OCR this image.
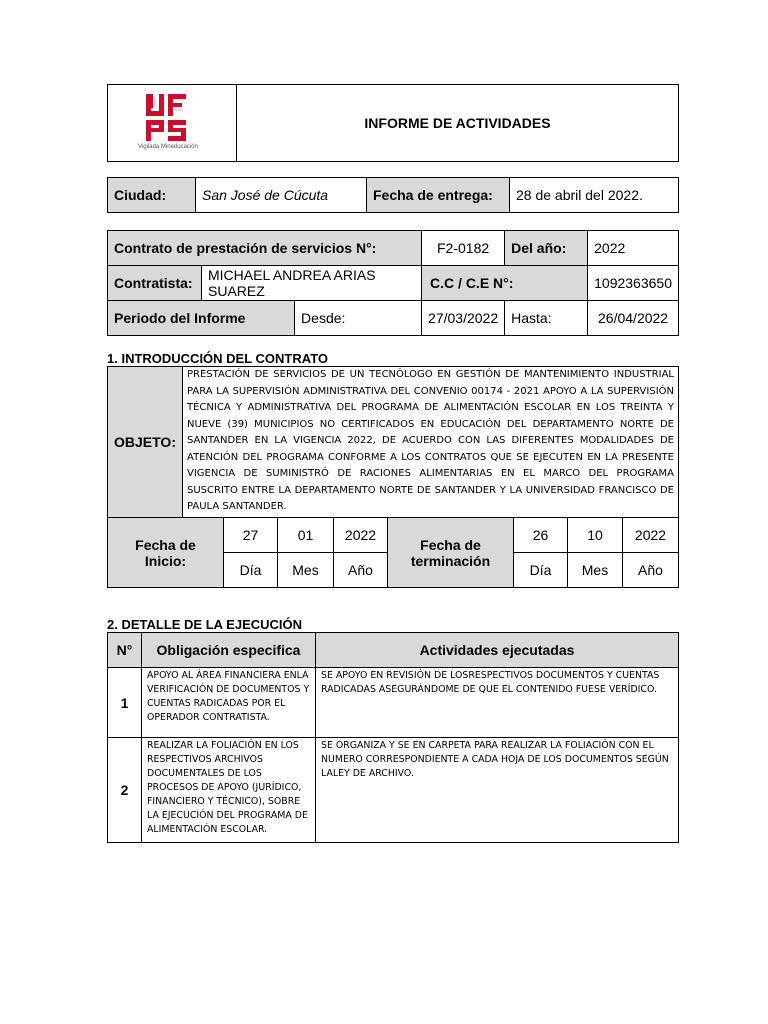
Vigilada Mineducación
	INFORME DE ACTIVIDADES
Ciudad:	San José de Cúcuta	Fecha de entrega:	28 de abril del 2022.
Contrato de prestación de servicios N°:			F2-0182	Del año:	2022
Contratista:	MICHAEL ANDREA ARIAS SUAREZ		C.C / C.E N°:		1092363650
Periodo del Informe		Desde:	27/03/2022	Hasta:	26/04/2022
1. INTRODUCCIÓN DEL CONTRATO
OBJETO:	PRESTACIÓN DE SERVICIOS DE UN TECNÓLOGO EN GESTIÓN DE MANTENIMIENTO INDUSTRIAL PARA LA SUPERVISIÓN ADMINISTRATIVA DEL CONVENIO 00174 - 2021 APOYO A LA SUPERVISIÓN TÉCNICA Y ADMINISTRATIVA DEL PROGRAMA DE ALIMENTACIÓN ESCOLAR EN LOS TREINTA Y NUEVE (39) MUNICIPIOS NO CERTIFICADOS EN EDUCACIÓN DEL DEPARTAMENTO NORTE DE SANTANDER EN LA VIGENCIA 2022, DE ACUERDO CON LAS DIFERENTES MODALIDADES DE ATENCIÓN DEL PROGRAMA CONFORME A LOS CONTRATOS QUE SE EJECUTEN EN LA PRESENTE VIGENCIA DE SUMINISTRÓ DE RACIONES ALIMENTARIAS EN EL MARCO DEL PROGRAMA SUSCRITO ENTRE LA DEPARTAMENTO NORTE DE SANTANDER Y LA UNIVERSIDAD FRANCISCO DE PAULA SANTANDER.
Fecha de Inicio:	27	01	2022	Fecha de terminación	26	10	2022
	Día	Mes	Año		Día	Mes	Año
2. DETALLE DE LA EJECUCIÓN
N°	Obligación especifica	Actividades ejecutadas
1	APOYO AL ÁREA FINANCIERA ENLA VERIFICACIÓN DE DOCUMENTOS Y CUENTAS RADICADAS POR EL OPERADOR CONTRATISTA.	SE APOYO EN REVISIÓN DE LOSRESPECTIVOS DOCUMENTOS Y CUENTAS RADICADAS ASEGURÁNDOME DE QUE EL CONTENIDO FUESE VERÍDICO.
2	REALIZAR LA FOLIACIÓN EN LOS RESPECTIVOS ARCHIVOS DOCUMENTALES DE LOS PROCESOS DE APOYO (JURÍDICO, FINANCIERO Y TÉCNICO), SOBRE LA EJECUCIÓN DEL PROGRAMA DE ALIMENTACIÓN ESCOLAR.	SE ORGANIZA Y SE EN CARPETA PARA REALIZAR LA FOLIACIÓN CON EL NUMERO CORRESPONDIENTE A CADA HOJA DE LOS DOCUMENTOS SEGÚN LALEY DE ARCHIVO.
